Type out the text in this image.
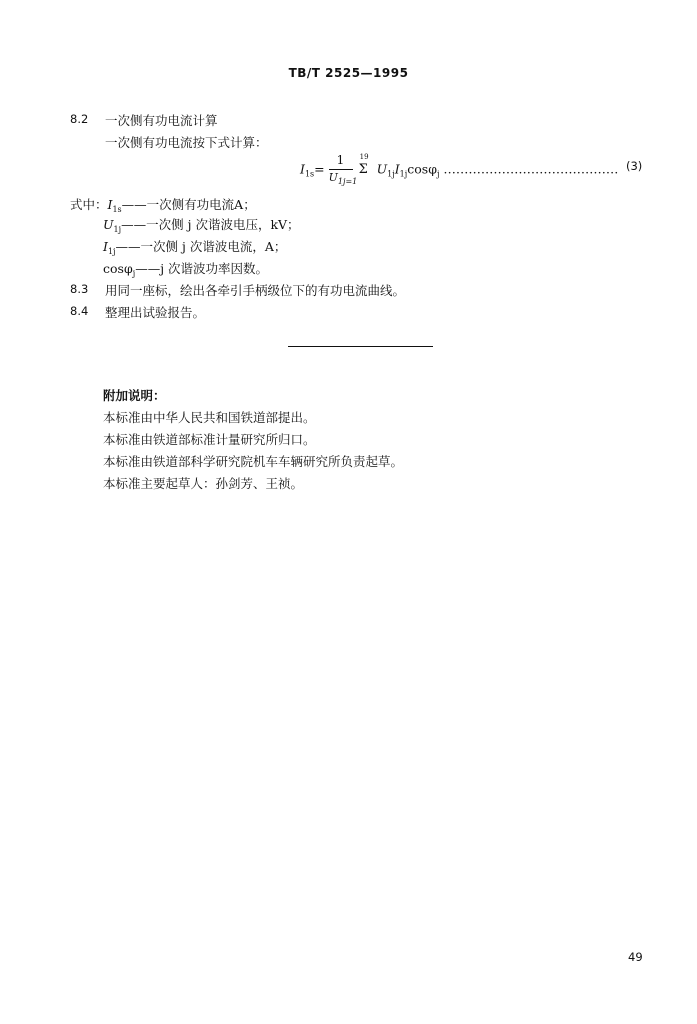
TB/T 2525—1995
8.2 一次侧有功电流计算
一次侧有功电流按下式计算：
$I_{1s}= \frac{1}{U_{1j=1}}$
19
Σ $U_{1j}I_{1j}\cos\varphi_j$ …………………………………… (3)
式中：$I_{1s}——$一次侧有功电流A；
$U_{1j}——$一次侧 j 次谐波电压，kV；
$I_{1j}——$一次侧 j 次谐波电流，A；
cosφ$_j$——j 次谐波功率因数。
8.3 用同一座标，绘出各牵引手柄级位下的有功电流曲线。
8.4 整理出试验报告。
附加说明：
本标准由中华人民共和国铁道部提出。
本标准由铁道部标准计量研究所归口。
本标准由铁道部科学研究院机车车辆研究所负责起草。
本标准主要起草人：孙剑芳、王祯。
49
